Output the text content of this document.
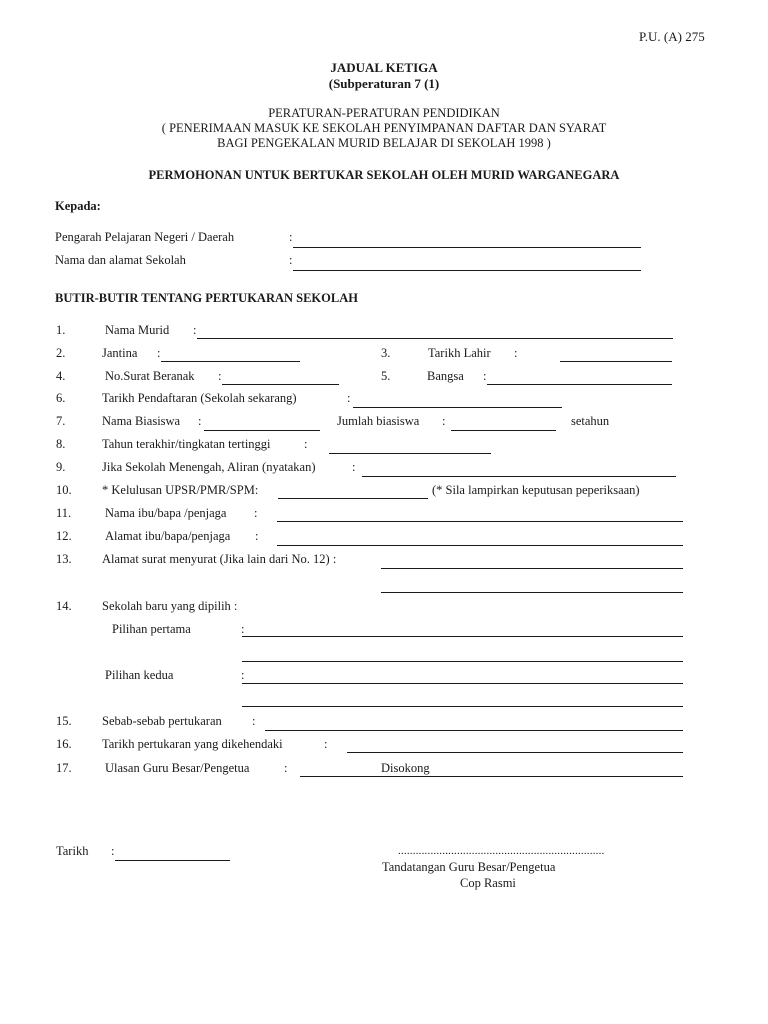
P.U. (A) 275
JADUAL KETIGA
(Subperaturan 7 (1)
PERATURAN-PERATURAN PENDIDIKAN
( PENERIMAAN MASUK KE SEKOLAH PENYIMPANAN DAFTAR DAN SYARAT
BAGI PENGEKALAN MURID BELAJAR DI SEKOLAH 1998 )
PERMOHONAN UNTUK BERTUKAR SEKOLAH OLEH MURID WARGANEGARA
Kepada:
Pengarah Pelajaran Negeri / Daerah	:
Nama dan alamat Sekolah	:
BUTIR-BUTIR TENTANG PERTUKARAN SEKOLAH
1.	Nama Murid :
2.	Jantina :	3.	Tarikh Lahir :
4.	No.Surat Beranak :	5.	Bangsa :
6.	Tarikh Pendaftaran (Sekolah sekarang)	:
7.	Nama Biasiswa :	Jumlah biasiswa :	setahun
8.	Tahun terakhir/tingkatan tertinggi	:
9.	Jika Sekolah Menengah, Aliran (nyatakan)	:
10. * Kelulusan UPSR/PMR/SPM:	(* Sila lampirkan keputusan peperiksaan)
11.	Nama ibu/bapa /penjaga :
12.	Alamat ibu/bapa/penjaga :
13. Alamat surat menyurat (Jika lain dari No. 12) :
14. Sekolah baru yang dipilih :
Pilihan pertama	:
Pilihan kedua	:
15. Sebab-sebab pertukaran :
16. Tarikh pertukaran yang dikehendaki	:
17.	Ulasan Guru Besar/Pengetua	:	Disokong
Tarikh :	......................................................................
Tandatangan Guru Besar/Pengetua
Cop Rasmi
